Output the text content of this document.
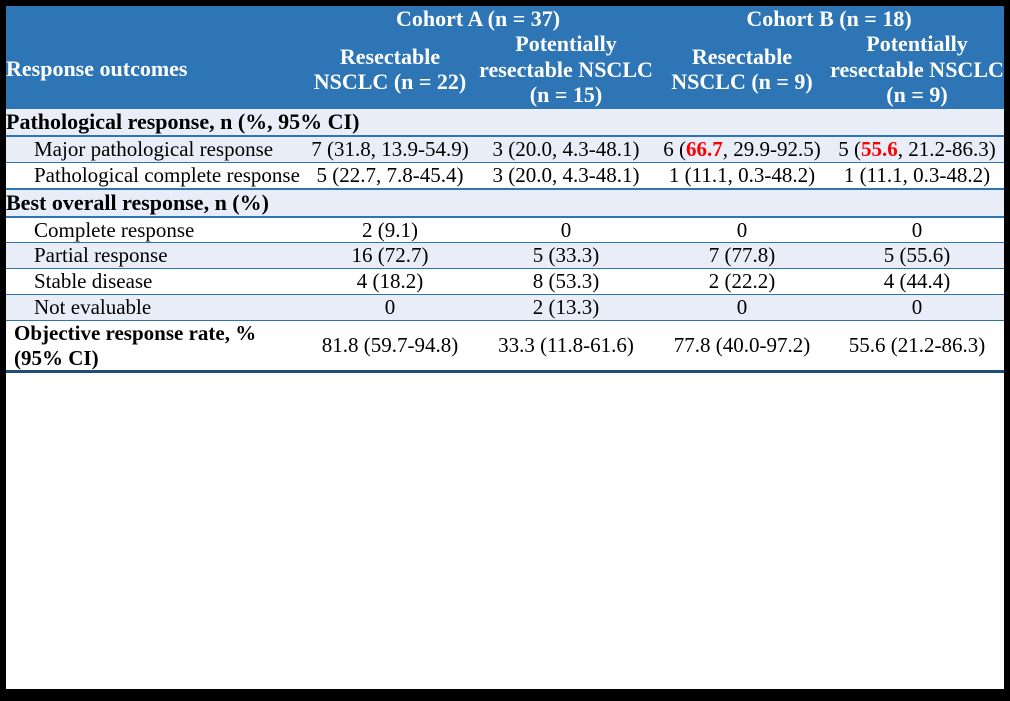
	Cohort A (n = 37)		Cohort B (n = 18)	
Response outcomes	Resectable NSCLC (n = 22)	Potentially resectable NSCLC (n = 15)	Resectable NSCLC (n = 9)	Potentially resectable NSCLC (n = 9)
Pathological response, n (%, 95% CI)				
Major pathological response	7 (31.8, 13.9-54.9)	3 (20.0, 4.3-48.1)	6 (66.7, 29.9-92.5)	5 (55.6, 21.2-86.3)
Pathological complete response	5 (22.7, 7.8-45.4)	3 (20.0, 4.3-48.1)	1 (11.1, 0.3-48.2)	1 (11.1, 0.3-48.2)
Best overall response, n (%)				
Complete response	2 (9.1)	0	0	0
Partial response	16 (72.7)	5 (33.3)	7 (77.8)	5 (55.6)
Stable disease	4 (18.2)	8 (53.3)	2 (22.2)	4 (44.4)
Not evaluable	0	2 (13.3)	0	0
Objective response rate, % (95% CI)	81.8 (59.7-94.8)	33.3 (11.8-61.6)	77.8 (40.0-97.2)	55.6 (21.2-86.3)
